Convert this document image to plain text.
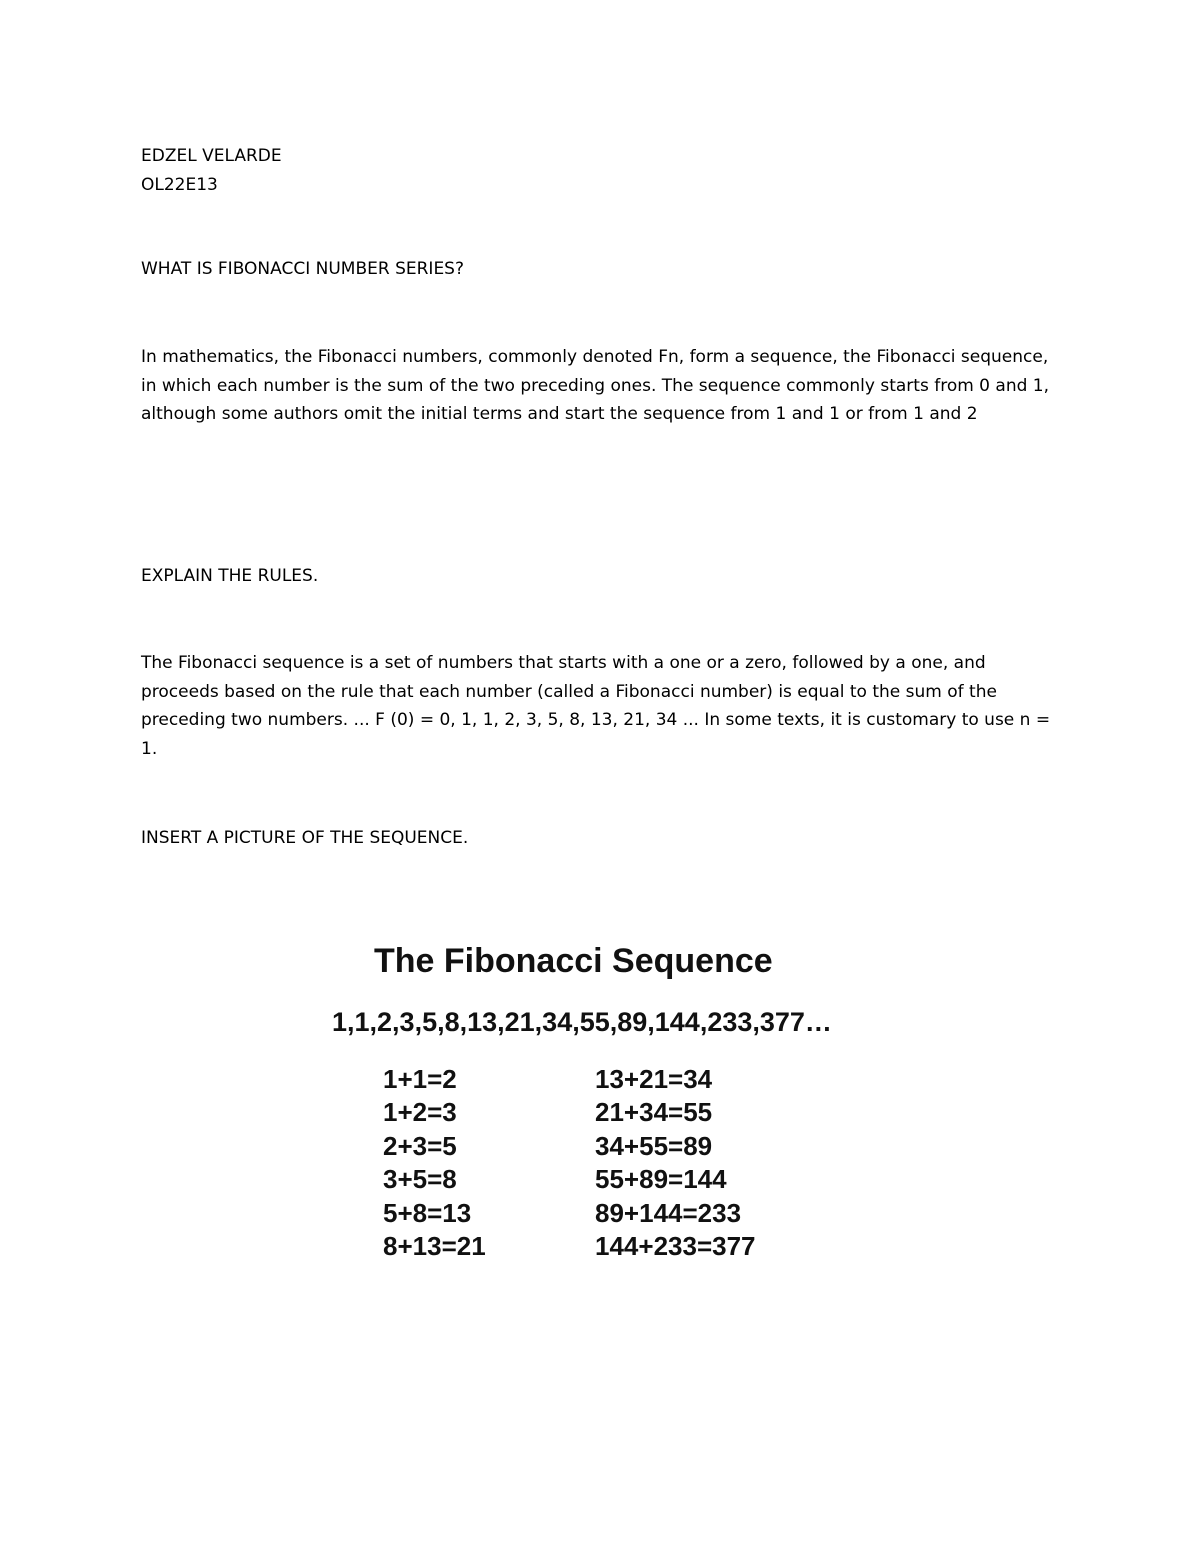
EDZEL VELARDE

OL22E13

WHAT IS FIBONACCI NUMBER SERIES?

In mathematics, the Fibonacci numbers, commonly denoted Fn, form a sequence, the Fibonacci sequence, in which each number is the sum of the two preceding ones. The sequence commonly starts from 0 and 1, although some authors omit the initial terms and start the sequence from 1 and 1 or from 1 and 2

EXPLAIN THE RULES.

The Fibonacci sequence is a set of numbers that starts with a one or a zero, followed by a one, and proceeds based on the rule that each number (called a Fibonacci number) is equal to the sum of the preceding two numbers. ... F (0) = 0, 1, 1, 2, 3, 5, 8, 13, 21, 34 ... In some texts, it is customary to use n = 1.

INSERT A PICTURE OF THE SEQUENCE.

The Fibonacci Sequence
1,1,2,3,5,8,13,21,34,55,89,144,233,377…
1+1=2
1+2=3
2+3=5
3+5=8
5+8=13
8+13=21
13+21=34
21+34=55
34+55=89
55+89=144
89+144=233
144+233=377
